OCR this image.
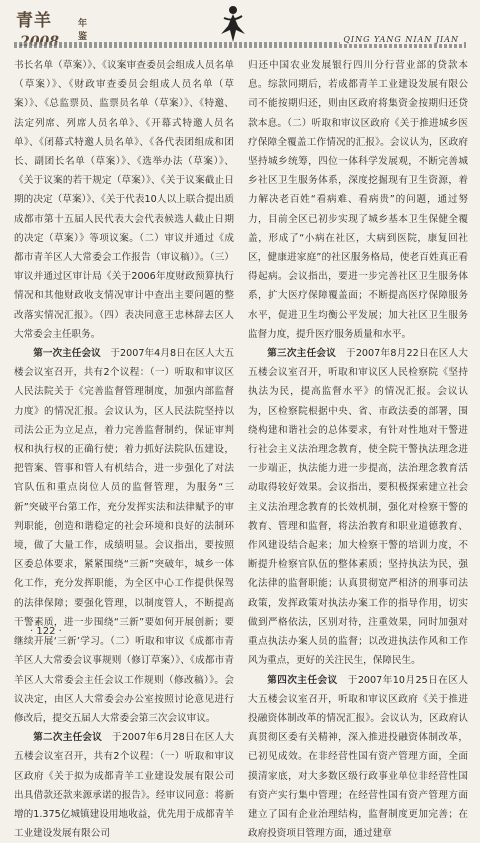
青羊	年鉴	QING YANG NIAN JIAN

书长名单（草案）》、《议案审查委员会组成人员名单（草案）》、《财政审查委员会组成人员名单（草案）》、《总监票员、监票员名单（草案）》、《特邀、法定列席、列席人员名单》、《开幕式特邀人员名单》、《闭幕式特邀人员名单》、《各代表团组成和团长、副团长名单（草案）》、《选举办法（草案）》、《关于议案的若干规定（草案）》、《关于议案截止日期的决定（草案）》、《关于代表10人以上联合提出质成都市第十五届人民代表大会代表候选人截止日期的决定（草案）》等项议案。（二）审议并通过《成都市青羊区人大常委会工作报告（审议稿）》。（三）审议并通过区审计局《关于2006年度财政预算执行情况和其他财政收支情况审计中查出主要问题的整改落实情况汇报》。（四）表决同意王忠林辞去区人大常委会主任职务。

第一次主任会议　 于2007年4月8日在区人大五楼会议室召开，共有2个议程：（一）听取和审议区人民法院关于《完善监督管理制度，加强内部监督力度》的情况汇报。会议认为，区人民法院坚持以司法公正为立足点，着力完善监督制约，保证审判权和执行权的正确行使；着力抓好法院队伍建设，把管案、管事和管人有机结合，进一步强化了对法官队伍和重点岗位人员的监督管理，为服务“三新”突破平台第工作，充分发挥实法和法律赋予的审判职能，创造和谐稳定的社会环境和良好的法制环境，做了大量工作，成绩明显。会议指出，要按照区委总体要求，紧紧围绕“三新”突破年，城乡一体化工作，充分发挥职能，为全区中心工作提供保驾的法律保障；要强化管理，以制度管人，不断提高干警素质，进一步围绕“三新”要如何开展创新；要继续开展‘三新’学习。（二）听取和审议《成都市青羊区人大常委会议事规则（修订草案）》、《成都市青羊区人大常委会主任会议工作规则（修改稿）》。会议决定，由区人大常委会办公室按照讨论意见进行修改后，提交五届人大常委会第三次会议审议。

第二次主任会议　 于2007年6月28日在区人大五楼会议室召开，共有2个议程：（一）听取和审议区政府《关于拟为成都青羊工业建设发展有限公司出具借款还款来源承诺的报告》。经审议同意：将新增的1.375亿城镇建设用地收益，优先用于成都青羊工业建设发展有限公司

归还中国农业发展银行四川分行营业部的贷款本息。综款同期后，若成都青羊工业建设发展有限公司不能按期归还，则由区政府将集资金按期归还贷款本息。（二）听取和审议区政府《关于推进城乡医疗保障全覆盖工作情况的汇报》。会议认为，区政府坚持城乡统筹，四位一体科学发展观，不断完善城乡社区卫生服务体系，深度挖掘现有卫生资源，着力解决老百姓“看病难、看病贵”的问题，通过努力，目前全区已初步实现了城乡基本卫生保健全覆盖，形成了“小病在社区，大病到医院，康复回社区，健康进家庭”的社区服务格局，使老百姓真正看得起病。会议指出，要进一步完善社区卫生服务体系，扩大医疗保障覆盖面；不断提高医疗保障服务水平，促进卫生均衡公平发展；加大社区卫生服务监督力度，提升医疗服务质量和水平。

第三次主任会议　 于2007年8月22日在区人大五楼会议室召开，听取和审议区人民检察院《坚持执法为民，提高监督水平》的情况汇报。会议认为，区检察院根据中央、省、市政法委的部署，围绕构建和谐社会的总体要求，有针对性地对干警进行社会主义法治理念教育，使全院干警执法理念进一步端正，执法能力进一步提高，法治理念教育活动取得较好效果。会议指出，要积极探索建立社会主义法治理念教育的长效机制，强化对检察干警的教育、管理和监督，将法治教育和职业道德教育、作风建设结合起来；加大检察干警的培训力度，不断提升检察官队伍的整体素质；坚持执法为民，强化法律的监督职能；认真贯彻宽严相济的刑事司法政策，发挥政策对执法办案工作的指导作用，切实做到严格依法，区别对待，注重效果，同时加强对重点执法办案人员的监督；以改进执法作风和工作风为重点，更好的关注民生，保障民生。

第四次主任会议　 于2007年10月25日在区人大五楼会议室召开，听取和审议区政府《关于推进投融资体制改革的情况汇报》。会议认为，区政府认真贯彻区委有关精神，深入推进投融资体制改革，已初见成效。在非经营性国有资产管理方面，全面摸清家底，对大多数区级行政事业单位非经营性国有资产实行集中管理；在经营性国有资产管理方面建立了国有企业治理结构，监督制度更加完善；在政府投资项目管理方面，通过建章

· 122 ·
